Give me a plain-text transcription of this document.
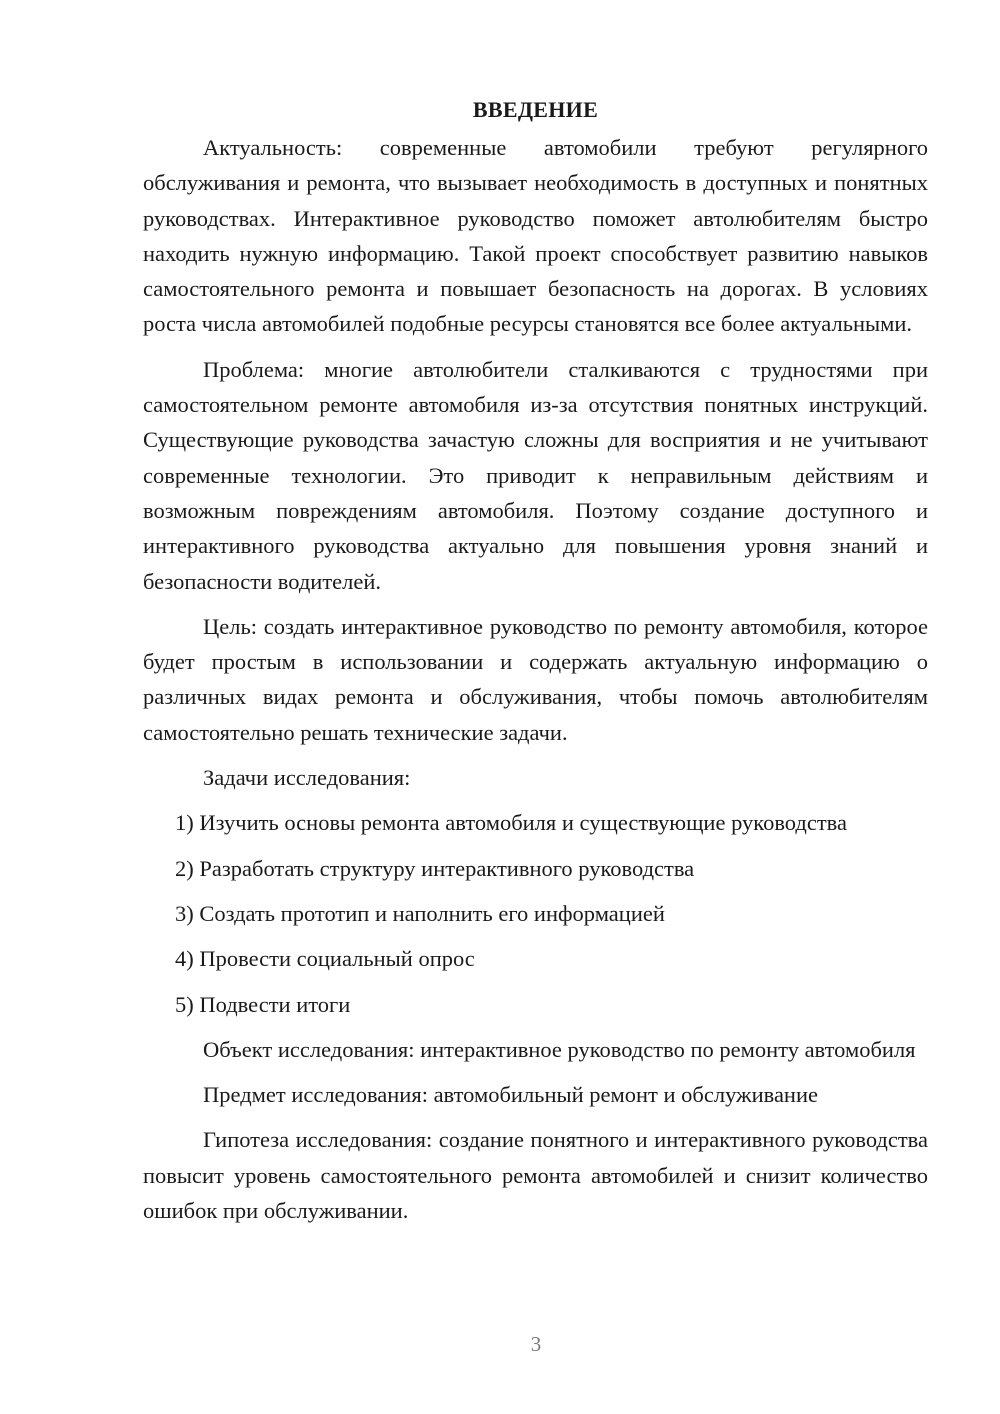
ВВЕДЕНИЕ

Актуальность: современные автомобили требуют регулярного обслуживания и ремонта, что вызывает необходимость в доступных и понятных руководствах. Интерактивное руководство поможет автолюбителям быстро находить нужную информацию. Такой проект способствует развитию навыков самостоятельного ремонта и повышает безопасность на дорогах. В условиях роста числа автомобилей подобные ресурсы становятся все более актуальными.

Проблема: многие автолюбители сталкиваются с трудностями при самостоятельном ремонте автомобиля из-за отсутствия понятных инструкций. Существующие руководства зачастую сложны для восприятия и не учитывают современные технологии. Это приводит к неправильным действиям и возможным повреждениям автомобиля. Поэтому создание доступного и интерактивного руководства актуально для повышения уровня знаний и безопасности водителей.

Цель: создать интерактивное руководство по ремонту автомобиля, которое будет простым в использовании и содержать актуальную информацию о различных видах ремонта и обслуживания, чтобы помочь автолюбителям самостоятельно решать технические задачи.

Задачи исследования:

1) Изучить основы ремонта автомобиля и существующие руководства
2) Разработать структуру интерактивного руководства
3) Создать прототип и наполнить его информацией
4) Провести социальный опрос
5) Подвести итоги

Объект исследования: интерактивное руководство по ремонту автомобиля

Предмет исследования: автомобильный ремонт и обслуживание

Гипотеза исследования: создание понятного и интерактивного руководства повысит уровень самостоятельного ремонта автомобилей и снизит количество ошибок при обслуживании.

3
